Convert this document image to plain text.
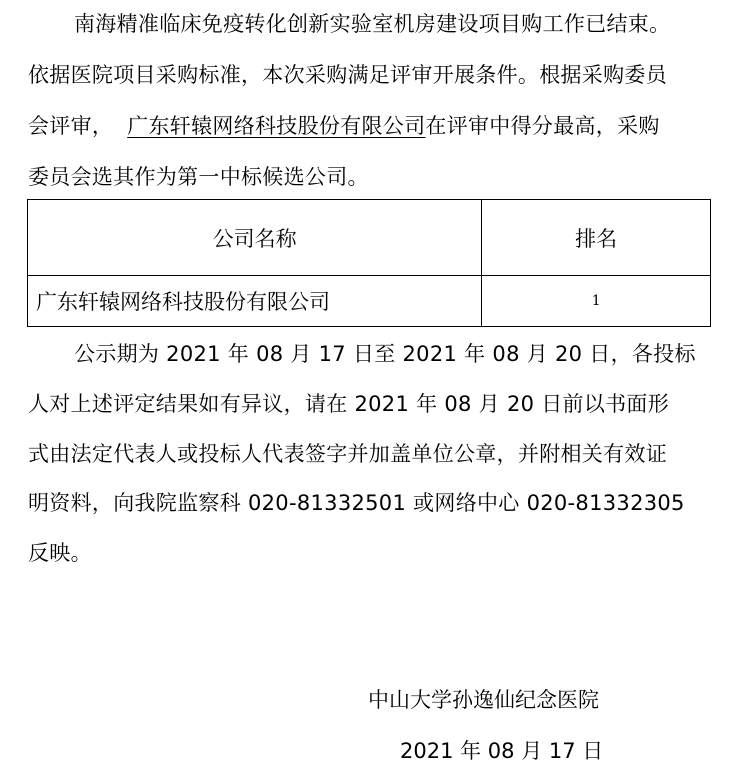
南海精准临床免疫转化创新实验室机房建设项目购工作已结束。
依据医院项目采购标准，本次采购满足评审开展条件。根据采购委员
会评审， 广东轩辕网络科技股份有限公司在评审中得分最高，采购
委员会选其作为第一中标候选公司。
公司名称	排名
广东轩辕网络科技股份有限公司	1
公示期为 2021 年 08 月 17 日至 2021 年 08 月 20 日，各投标
人对上述评定结果如有异议，请在 2021 年 08 月 20 日前以书面形
式由法定代表人或投标人代表签字并加盖单位公章，并附相关有效证
明资料，向我院监察科 020-81332501 或网络中心 020-81332305
反映。
中山大学孙逸仙纪念医院
2021 年 08 月 17 日
